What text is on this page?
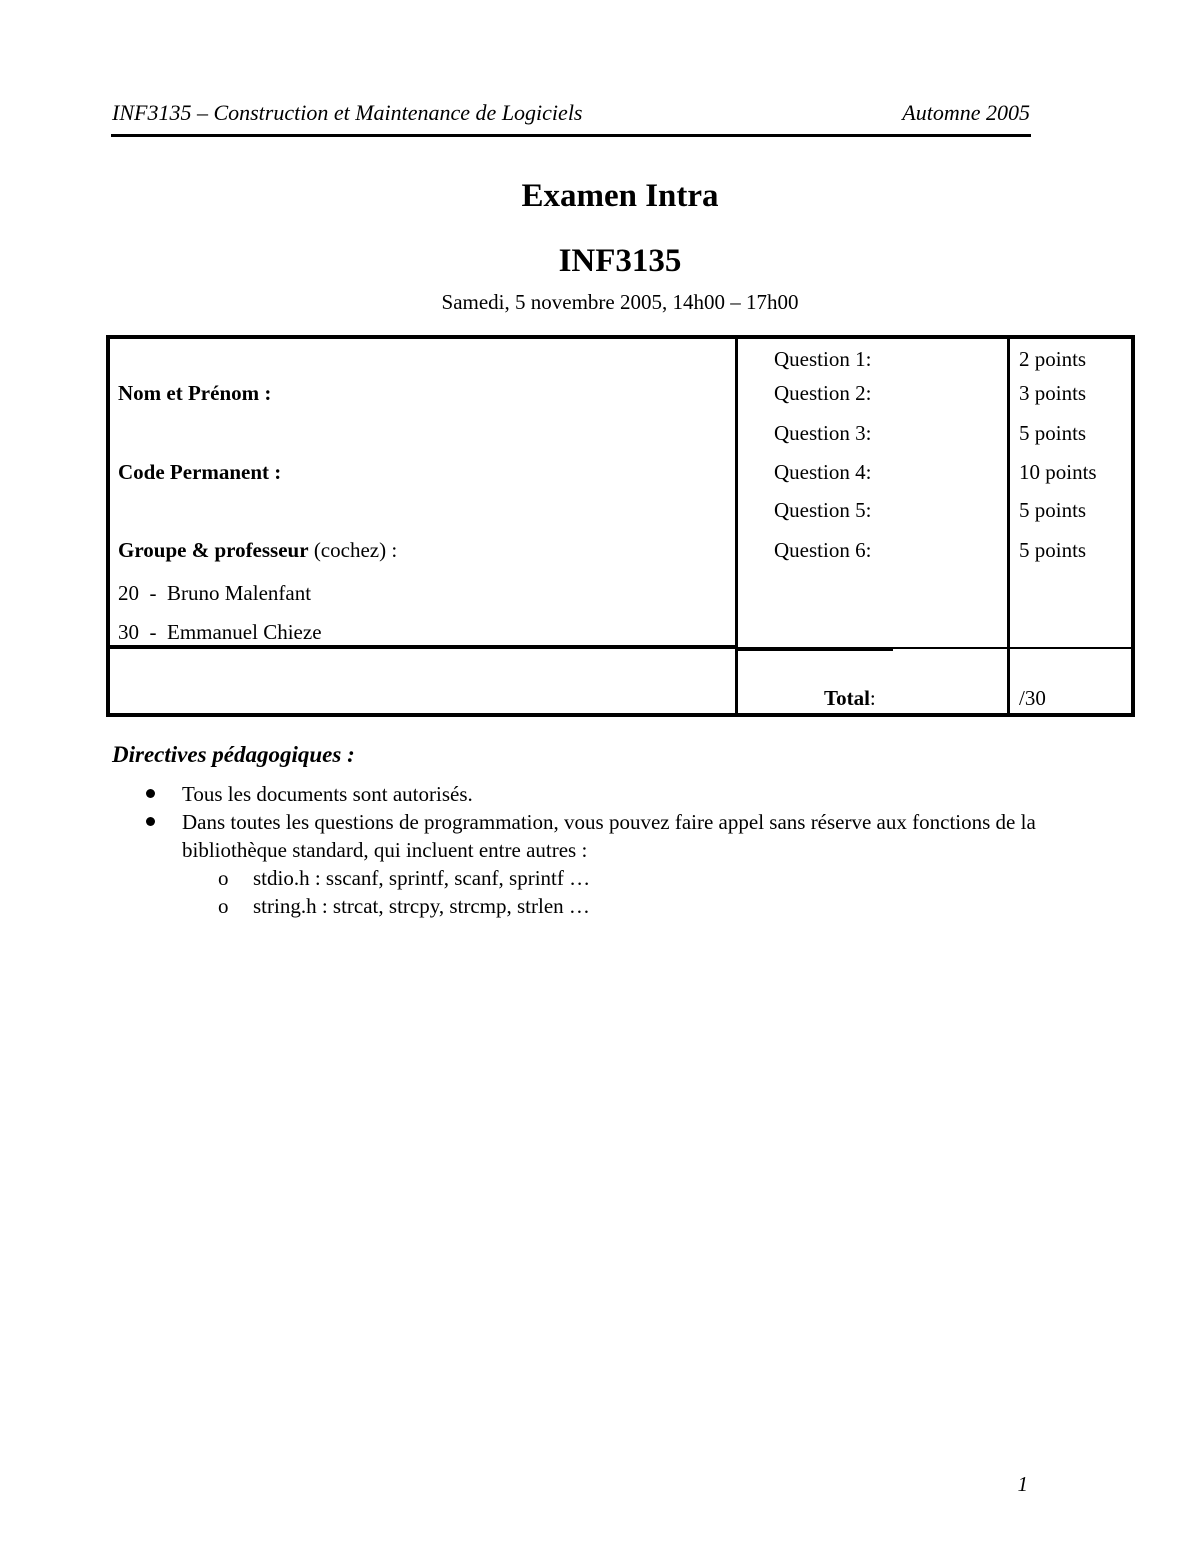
INF3135 – Construction et Maintenance de Logiciels	Automne 2005
Examen Intra
INF3135
Samedi, 5 novembre 2005, 14h00 – 17h00
Nom et Prénom :
Code Permanent :
Groupe & professeur (cochez) :
20  -  Bruno Malenfant
30  -  Emmanuel Chieze
Question 1:
Question 2:
Question 3:
Question 4:
Question 5:
Question 6:
2 points
3 points
5 points
10 points
5 points
5 points
Total:	/30
Directives pédagogiques :
Tous les documents sont autorisés.
Dans toutes les questions de programmation, vous pouvez faire appel sans réserve aux fonctions de la bibliothèque standard, qui incluent entre autres :
o stdio.h : sscanf, sprintf, scanf, sprintf …
o string.h : strcat, strcpy, strcmp, strlen …
1
